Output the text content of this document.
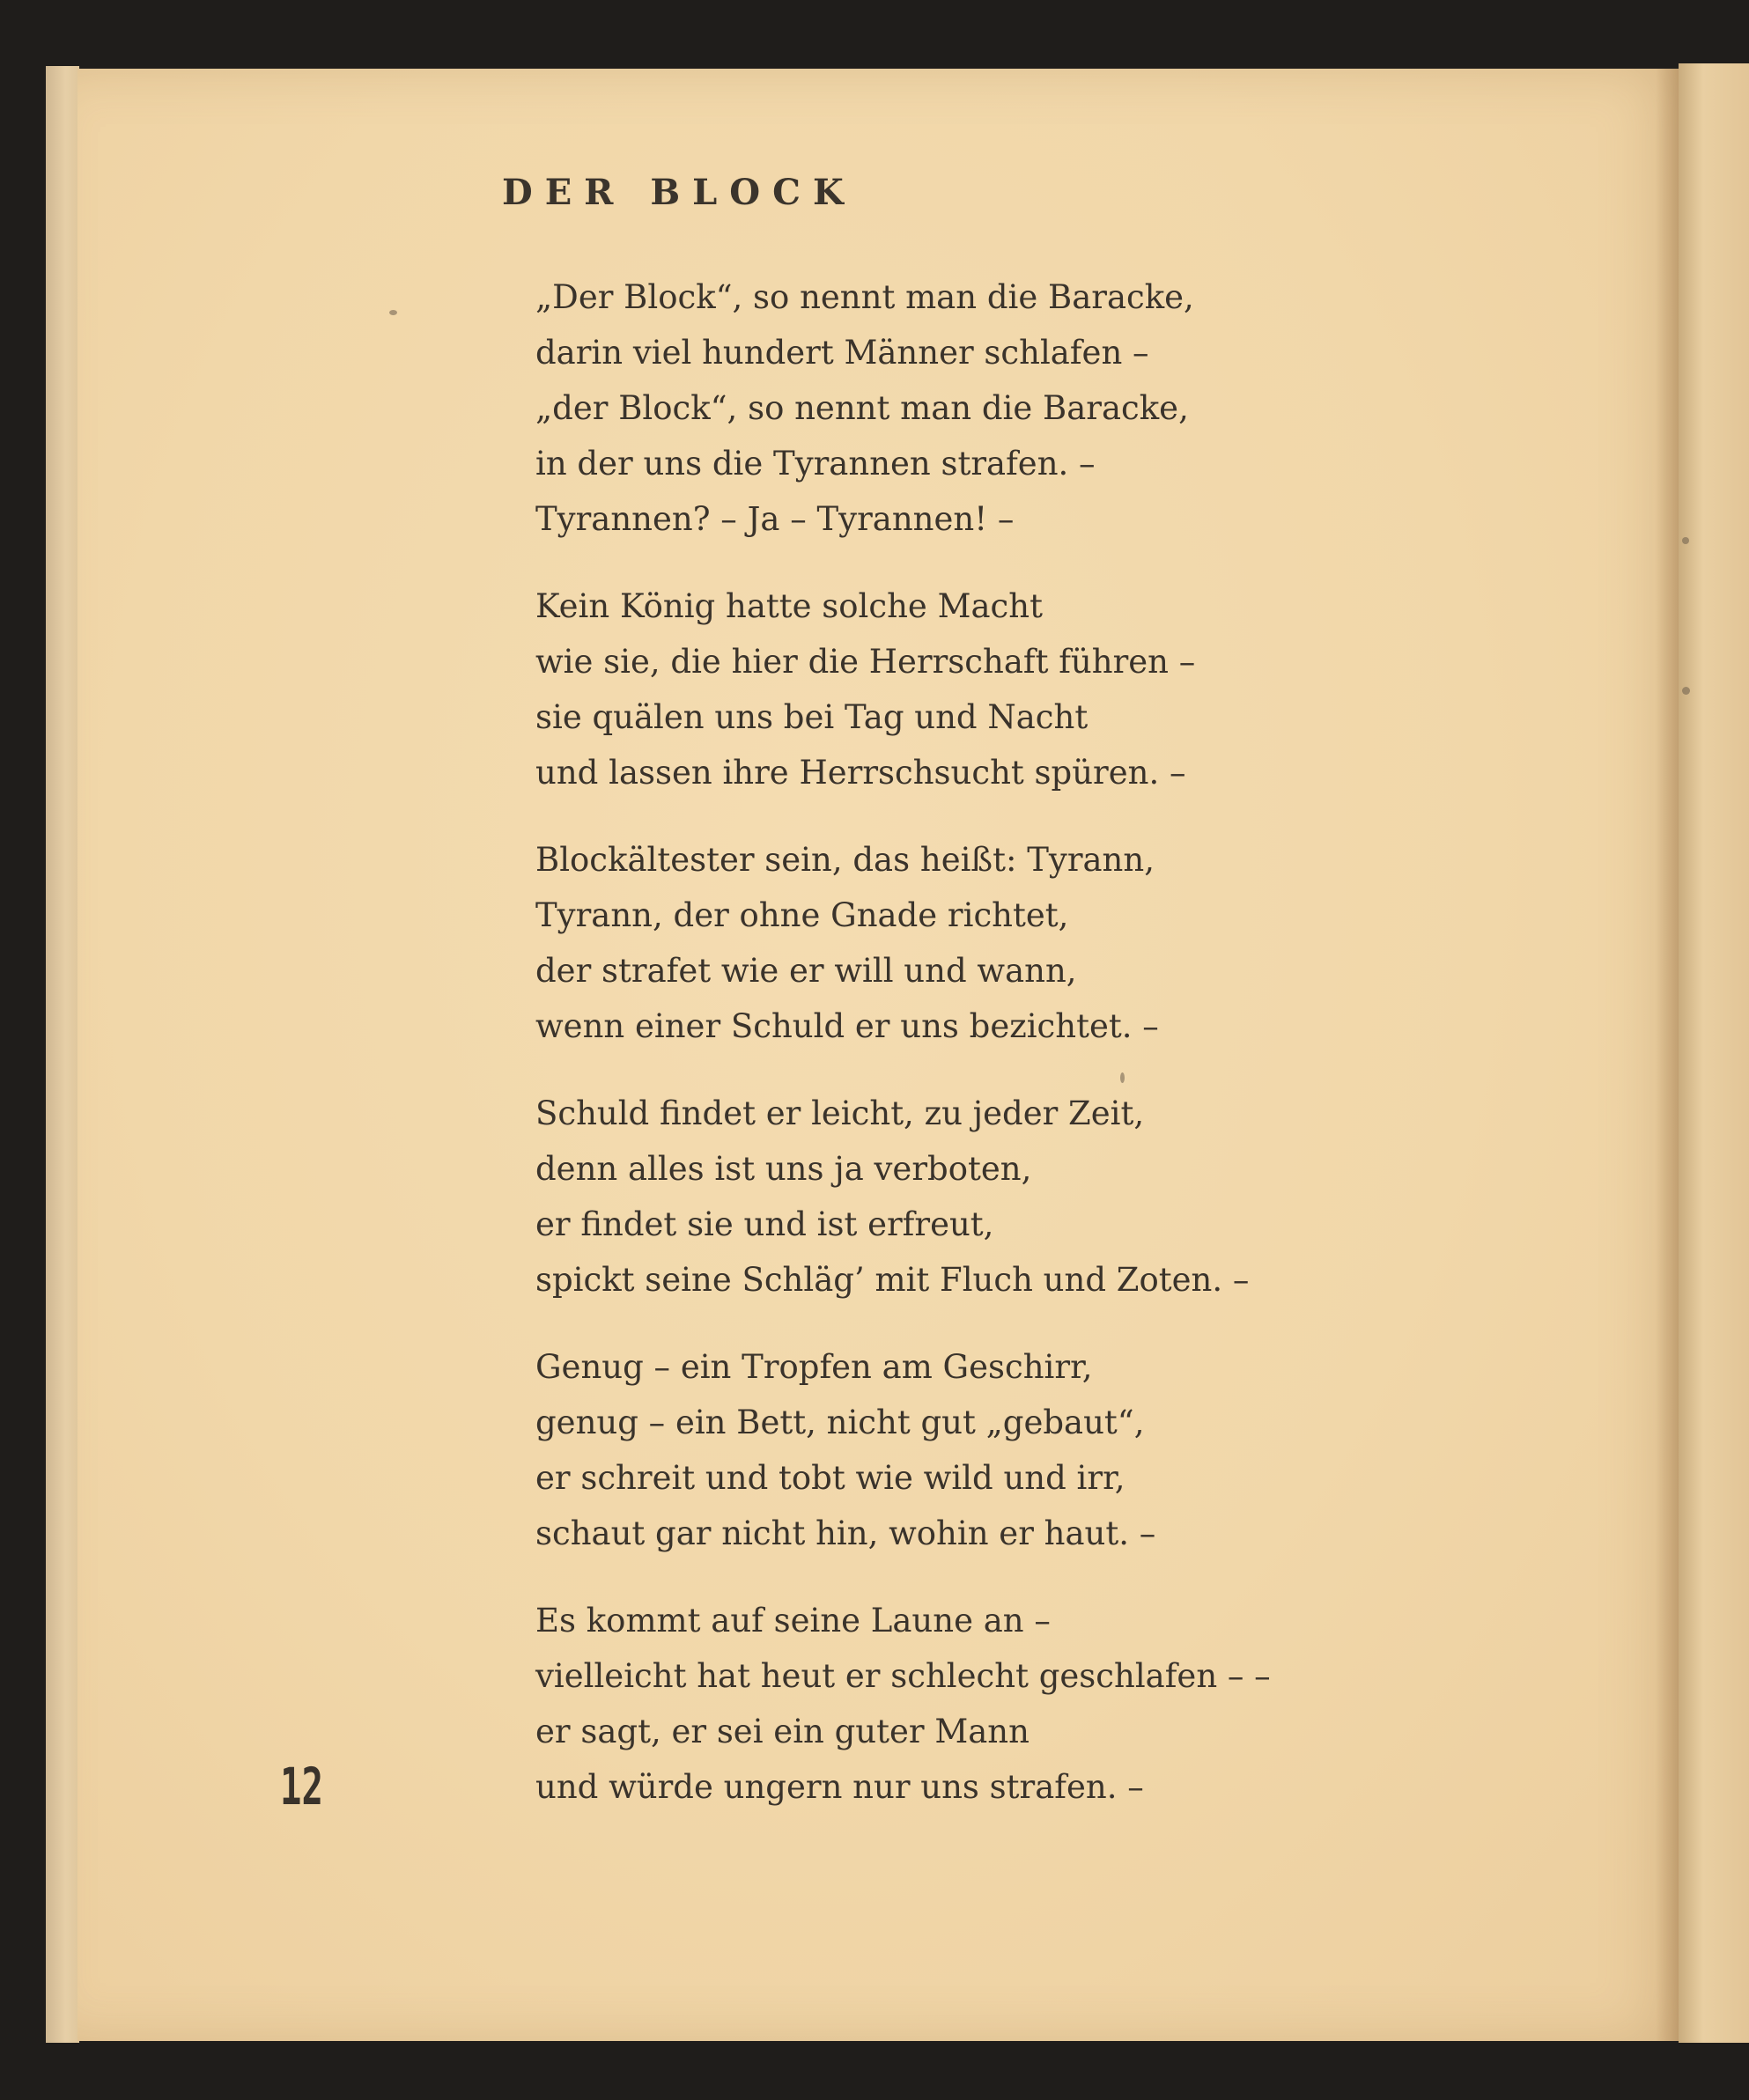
DER BLOCK
„Der Block“, so nennt man die Baracke,
darin viel hundert Männer schlafen –
„der Block“, so nennt man die Baracke,
in der uns die Tyrannen strafen. –
Tyrannen? – Ja – Tyrannen! –
Kein König hatte solche Macht
wie sie, die hier die Herrschaft führen –
sie quälen uns bei Tag und Nacht
und lassen ihre Herrschsucht spüren. –
Blockältester sein, das heißt: Tyrann,
Tyrann, der ohne Gnade richtet,
der strafet wie er will und wann,
wenn einer Schuld er uns bezichtet. –
Schuld findet er leicht, zu jeder Zeit,
denn alles ist uns ja verboten,
er findet sie und ist erfreut,
spickt seine Schläg’ mit Fluch und Zoten. –
Genug – ein Tropfen am Geschirr,
genug – ein Bett, nicht gut „gebaut“,
er schreit und tobt wie wild und irr,
schaut gar nicht hin, wohin er haut. –
Es kommt auf seine Laune an –
vielleicht hat heut er schlecht geschlafen – –
er sagt, er sei ein guter Mann
und würde ungern nur uns strafen. –
12
